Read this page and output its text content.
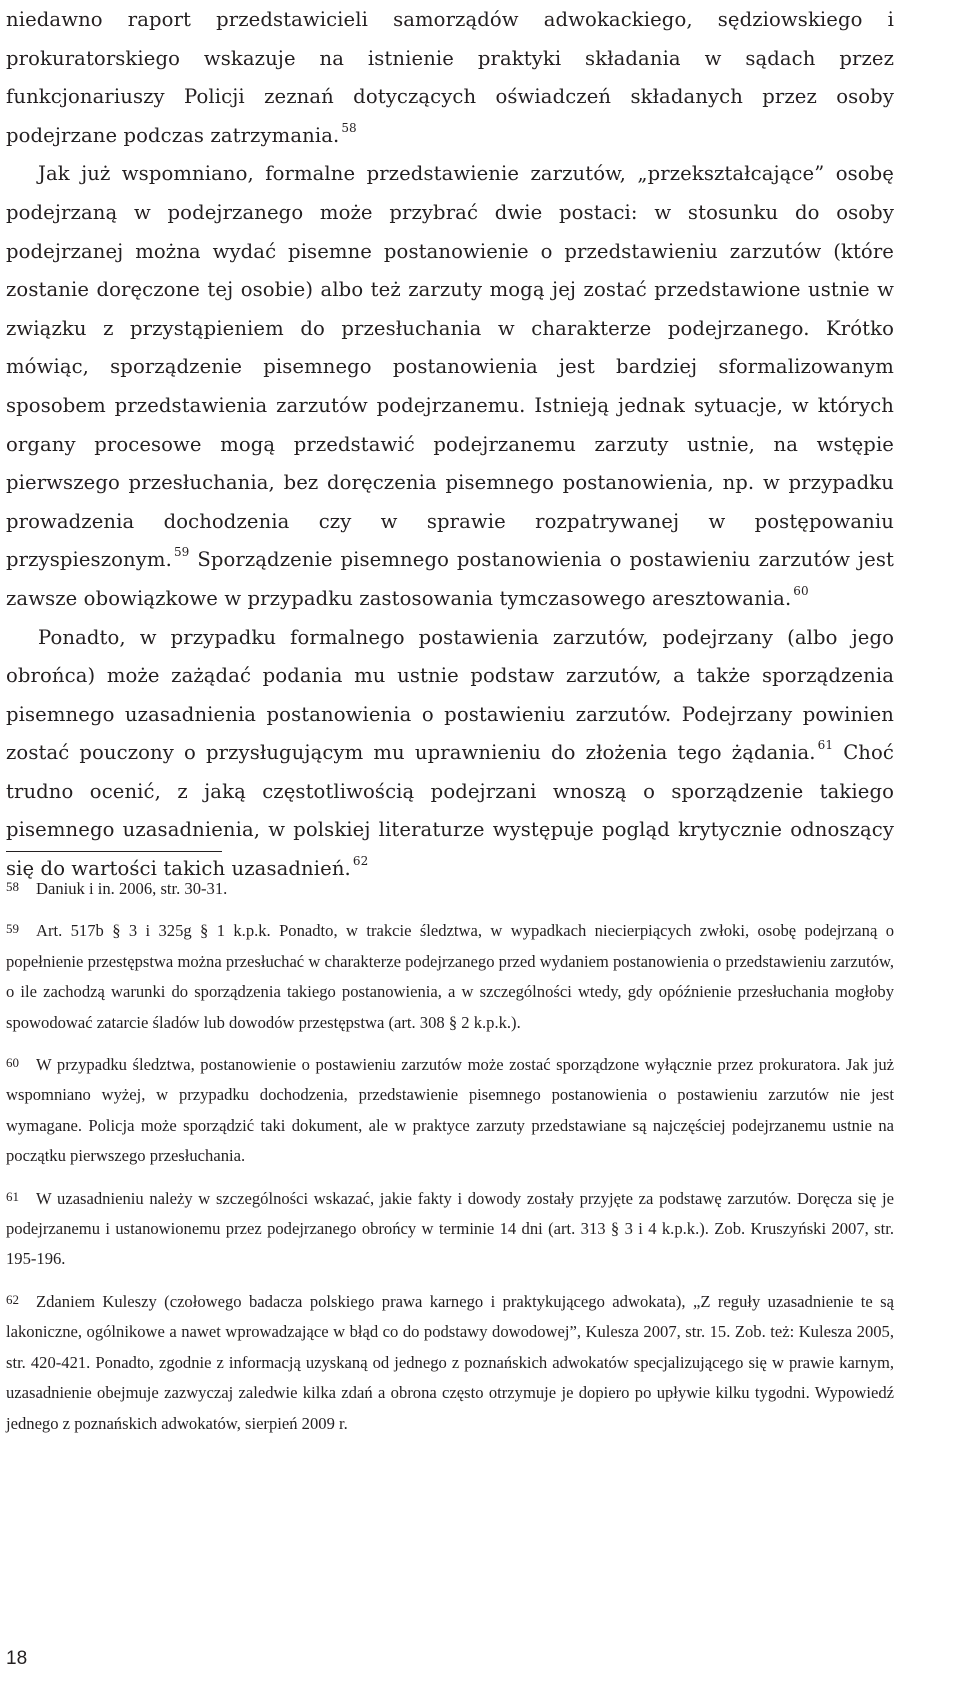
niedawno raport przedstawicieli samorządów adwokackiego, sędziowskiego i prokuratorskiego wskazuje na istnienie praktyki składania w sądach przez funkcjonariuszy Policji zeznań dotyczących oświadczeń składanych przez osoby podejrzane podczas zatrzymania. $^{58}$

Jak już wspomniano, formalne przedstawienie zarzutów, „przekształcające” osobę podejrzaną w podejrzanego może przybrać dwie postaci: w stosunku do osoby podejrzanej można wydać pisemne postanowienie o przedstawieniu zarzutów (które zostanie doręczone tej osobie) albo też zarzuty mogą jej zostać przedstawione ustnie w związku z przystąpieniem do przesłuchania w charakterze podejrzanego. Krótko mówiąc, sporządzenie pisemnego postanowienia jest bardziej sformalizowanym sposobem przedstawienia zarzutów podejrzanemu. Istnieją jednak sytuacje, w których organy procesowe mogą przedstawić podejrzanemu zarzuty ustnie, na wstępie pierwszego przesłuchania, bez doręczenia pisemnego postanowienia, np. w przypadku prowadzenia dochodzenia czy w sprawie rozpatrywanej w postępowaniu przyspieszonym. $^{59}$ Sporządzenie pisemnego postanowienia o postawieniu zarzutów jest zawsze obowiązkowe w przypadku zastosowania tymczasowego aresztowania. $^{60}$

Ponadto, w przypadku formalnego postawienia zarzutów, podejrzany (albo jego obrońca) może zażądać podania mu ustnie podstaw zarzutów, a także sporządzenia pisemnego uzasadnienia postanowienia o postawieniu zarzutów. Podejrzany powinien zostać pouczony o przysługującym mu uprawnieniu do złożenia tego żądania. $^{61}$ Choć trudno ocenić, z jaką częstotliwością podejrzani wnoszą o sporządzenie takiego pisemnego uzasadnienia, w polskiej literaturze występuje pogląd krytycznie odnoszący się do wartości takich uzasadnień. $^{62}$

58 Daniuk i in. 2006, str. 30-31.

59 Art. 517b § 3 i 325g § 1 k.p.k. Ponadto, w trakcie śledztwa, w wypadkach niecierpiących zwłoki, osobę podejrzaną o popełnienie przestępstwa można przesłuchać w charakterze podejrzanego przed wydaniem postanowienia o przedstawieniu zarzutów, o ile zachodzą warunki do sporządzenia takiego postanowienia, a w szczególności wtedy, gdy opóźnienie przesłuchania mogłoby spowodować zatarcie śladów lub dowodów przestępstwa (art. 308 § 2 k.p.k.).

60 W przypadku śledztwa, postanowienie o postawieniu zarzutów może zostać sporządzone wyłącznie przez prokuratora. Jak już wspomniano wyżej, w przypadku dochodzenia, przedstawienie pisemnego postanowienia o postawieniu zarzutów nie jest wymagane. Policja może sporządzić taki dokument, ale w praktyce zarzuty przedstawiane są najczęściej podejrzanemu ustnie na początku pierwszego przesłuchania.

61 W uzasadnieniu należy w szczególności wskazać, jakie fakty i dowody zostały przyjęte za podstawę zarzutów. Doręcza się je podejrzanemu i ustanowionemu przez podejrzanego obrońcy w terminie 14 dni (art. 313 § 3 i 4 k.p.k.). Zob. Kruszyński 2007, str. 195-196.

62 Zdaniem Kuleszy (czołowego badacza polskiego prawa karnego i praktykującego adwokata), „Z reguły uzasadnienie te są lakoniczne, ogólnikowe a nawet wprowadzające w błąd co do podstawy dowodowej”, Kulesza 2007, str. 15. Zob. też: Kulesza 2005, str. 420-421. Ponadto, zgodnie z informacją uzyskaną od jednego z poznańskich adwokatów specjalizującego się w prawie karnym, uzasadnienie obejmuje zazwyczaj zaledwie kilka zdań a obrona często otrzymuje je dopiero po upływie kilku tygodni. Wypowiedź jednego z poznańskich adwokatów, sierpień 2009 r.

18
